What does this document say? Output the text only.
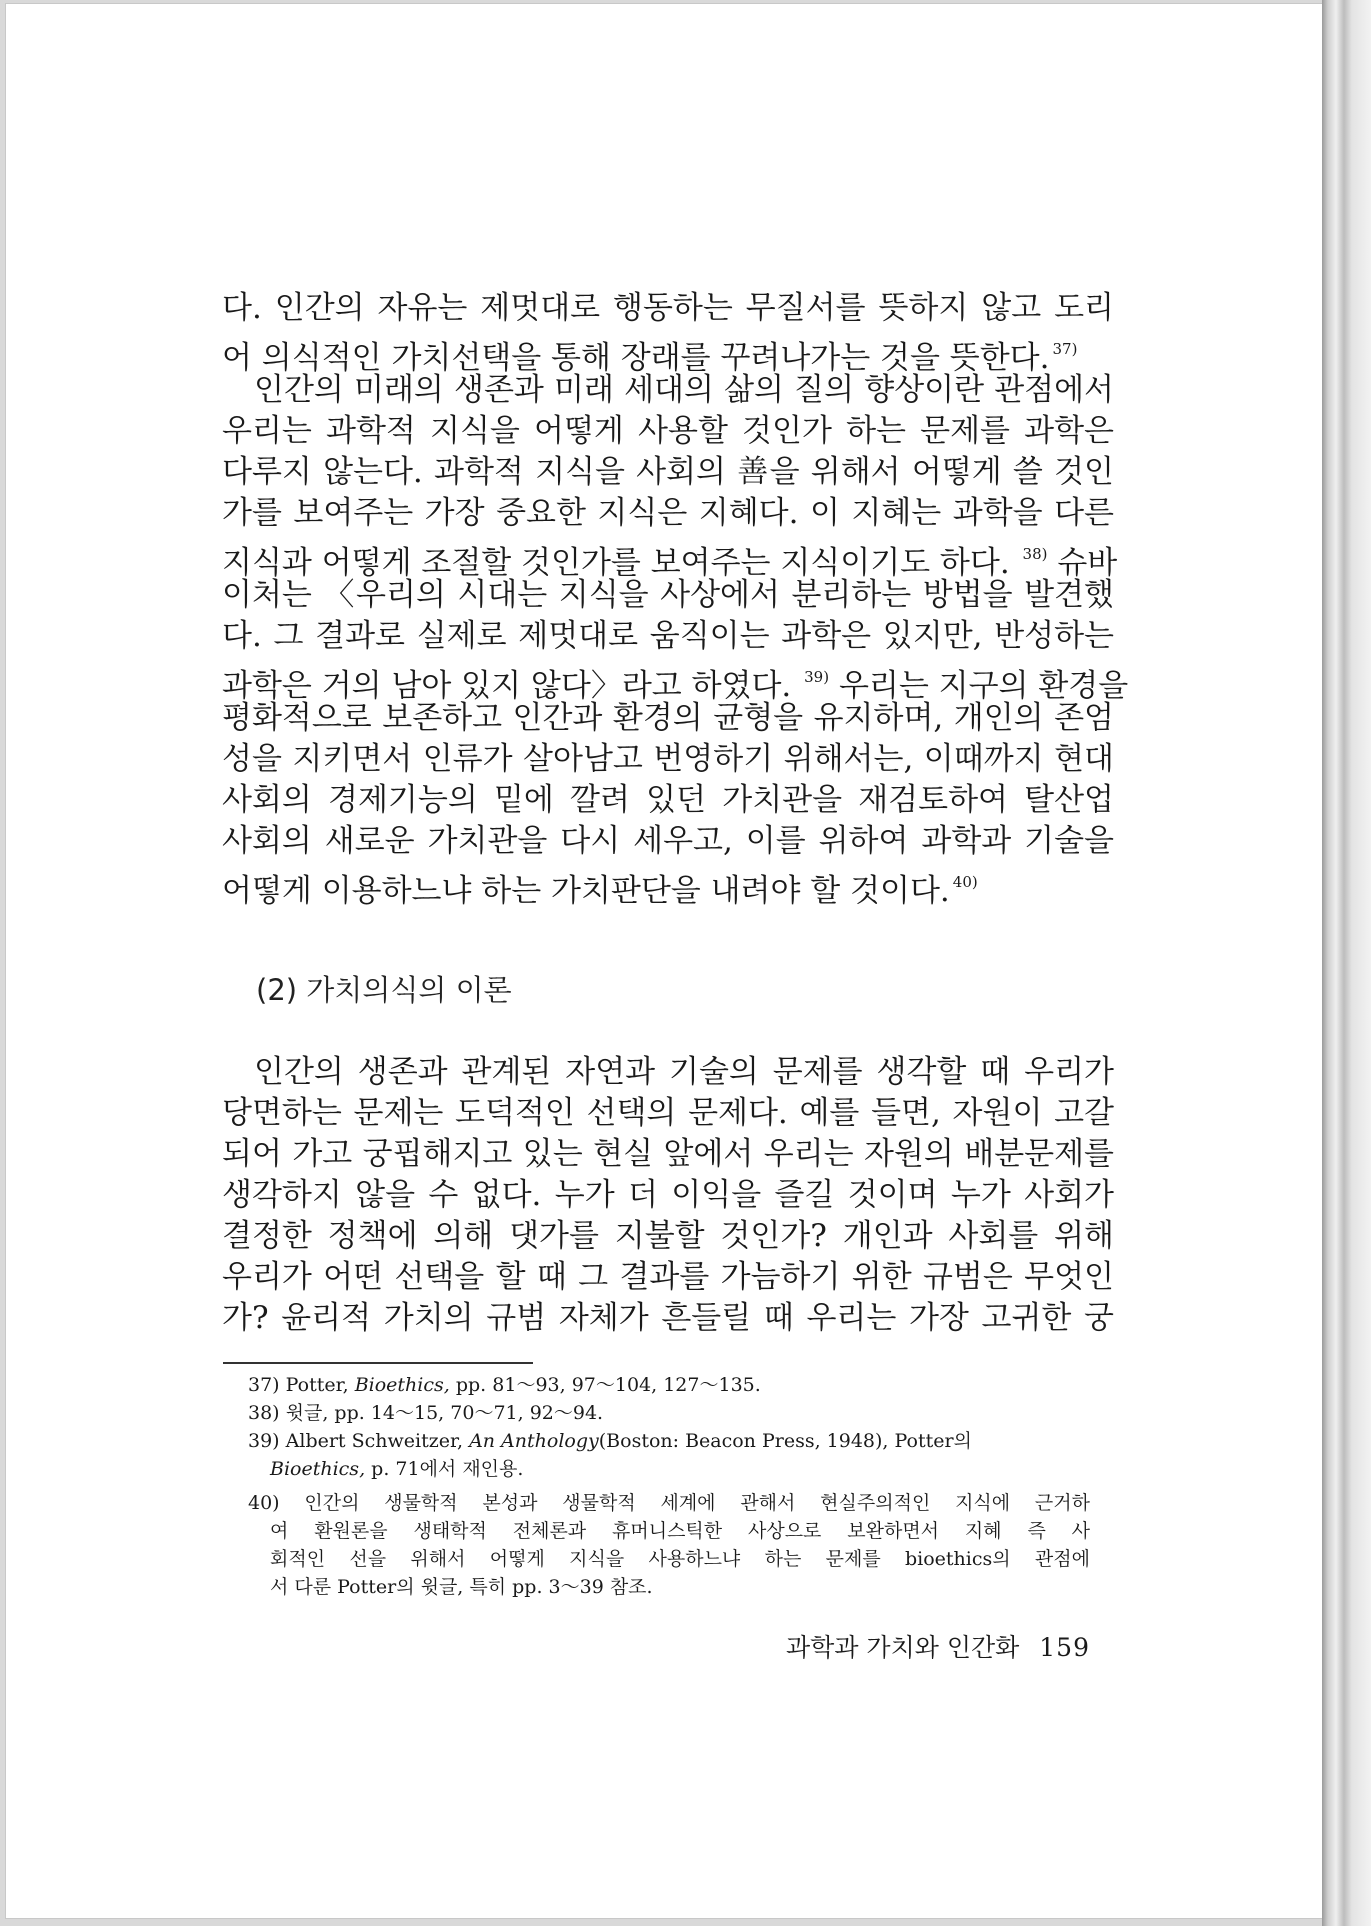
다. 인간의 자유는 제멋대로 행동하는 무질서를 뜻하지 않고 도리
어 의식적인 가치선택을 통해 장래를 꾸려나가는 것을 뜻한다. $^{37)}$
인간의 미래의 생존과 미래 세대의 삶의 질의 향상이란 관점에서
우리는 과학적 지식을 어떻게 사용할 것인가 하는 문제를 과학은
다루지 않는다. 과학적 지식을 사회의 善을 위해서 어떻게 쓸 것인
가를 보여주는 가장 중요한 지식은 지혜다. 이 지혜는 과학을 다른
지식과 어떻게 조절할 것인가를 보여주는 지식이기도 하다. $^{38)}$ 슈바
이처는 〈우리의 시대는 지식을 사상에서 분리하는 방법을 발견했
다. 그 결과로 실제로 제멋대로 움직이는 과학은 있지만, 반성하는
과학은 거의 남아 있지 않다〉라고 하였다. $^{39)}$ 우리는 지구의 환경을
평화적으로 보존하고 인간과 환경의 균형을 유지하며, 개인의 존엄
성을 지키면서 인류가 살아남고 번영하기 위해서는, 이때까지 현대
사회의 경제기능의 밑에 깔려 있던 가치관을 재검토하여 탈산업
사회의 새로운 가치관을 다시 세우고, 이를 위하여 과학과 기술을
어떻게 이용하느냐 하는 가치판단을 내려야 할 것이다. $^{40)}$
(2) 가치의식의 이론
인간의 생존과 관계된 자연과 기술의 문제를 생각할 때 우리가
당면하는 문제는 도덕적인 선택의 문제다. 예를 들면, 자원이 고갈
되어 가고 궁핍해지고 있는 현실 앞에서 우리는 자원의 배분문제를
생각하지 않을 수 없다. 누가 더 이익을 즐길 것이며 누가 사회가
결정한 정책에 의해 댓가를 지불할 것인가? 개인과 사회를 위해
우리가 어떤 선택을 할 때 그 결과를 가늠하기 위한 규범은 무엇인
가? 윤리적 가치의 규범 자체가 흔들릴 때 우리는 가장 고귀한 궁
37) Potter, Bioethics, pp. 81～93, 97～104, 127～135.
38) 윗글, pp. 14～15, 70～71, 92～94.
39) Albert Schweitzer, An Anthology(Boston: Beacon Press, 1948), Potter의
Bioethics, p. 71에서 재인용.
40) 인간의 생물학적 본성과 생물학적 세계에 관해서 현실주의적인 지식에 근거하
여 환원론을 생태학적 전체론과 휴머니스틱한 사상으로 보완하면서 지혜 즉 사
회적인 선을 위해서 어떻게 지식을 사용하느냐 하는 문제를 bioethics의 관점에
서 다룬 Potter의 윗글, 특히 pp. 3～39 참조.
과학과 가치와 인간화 159
